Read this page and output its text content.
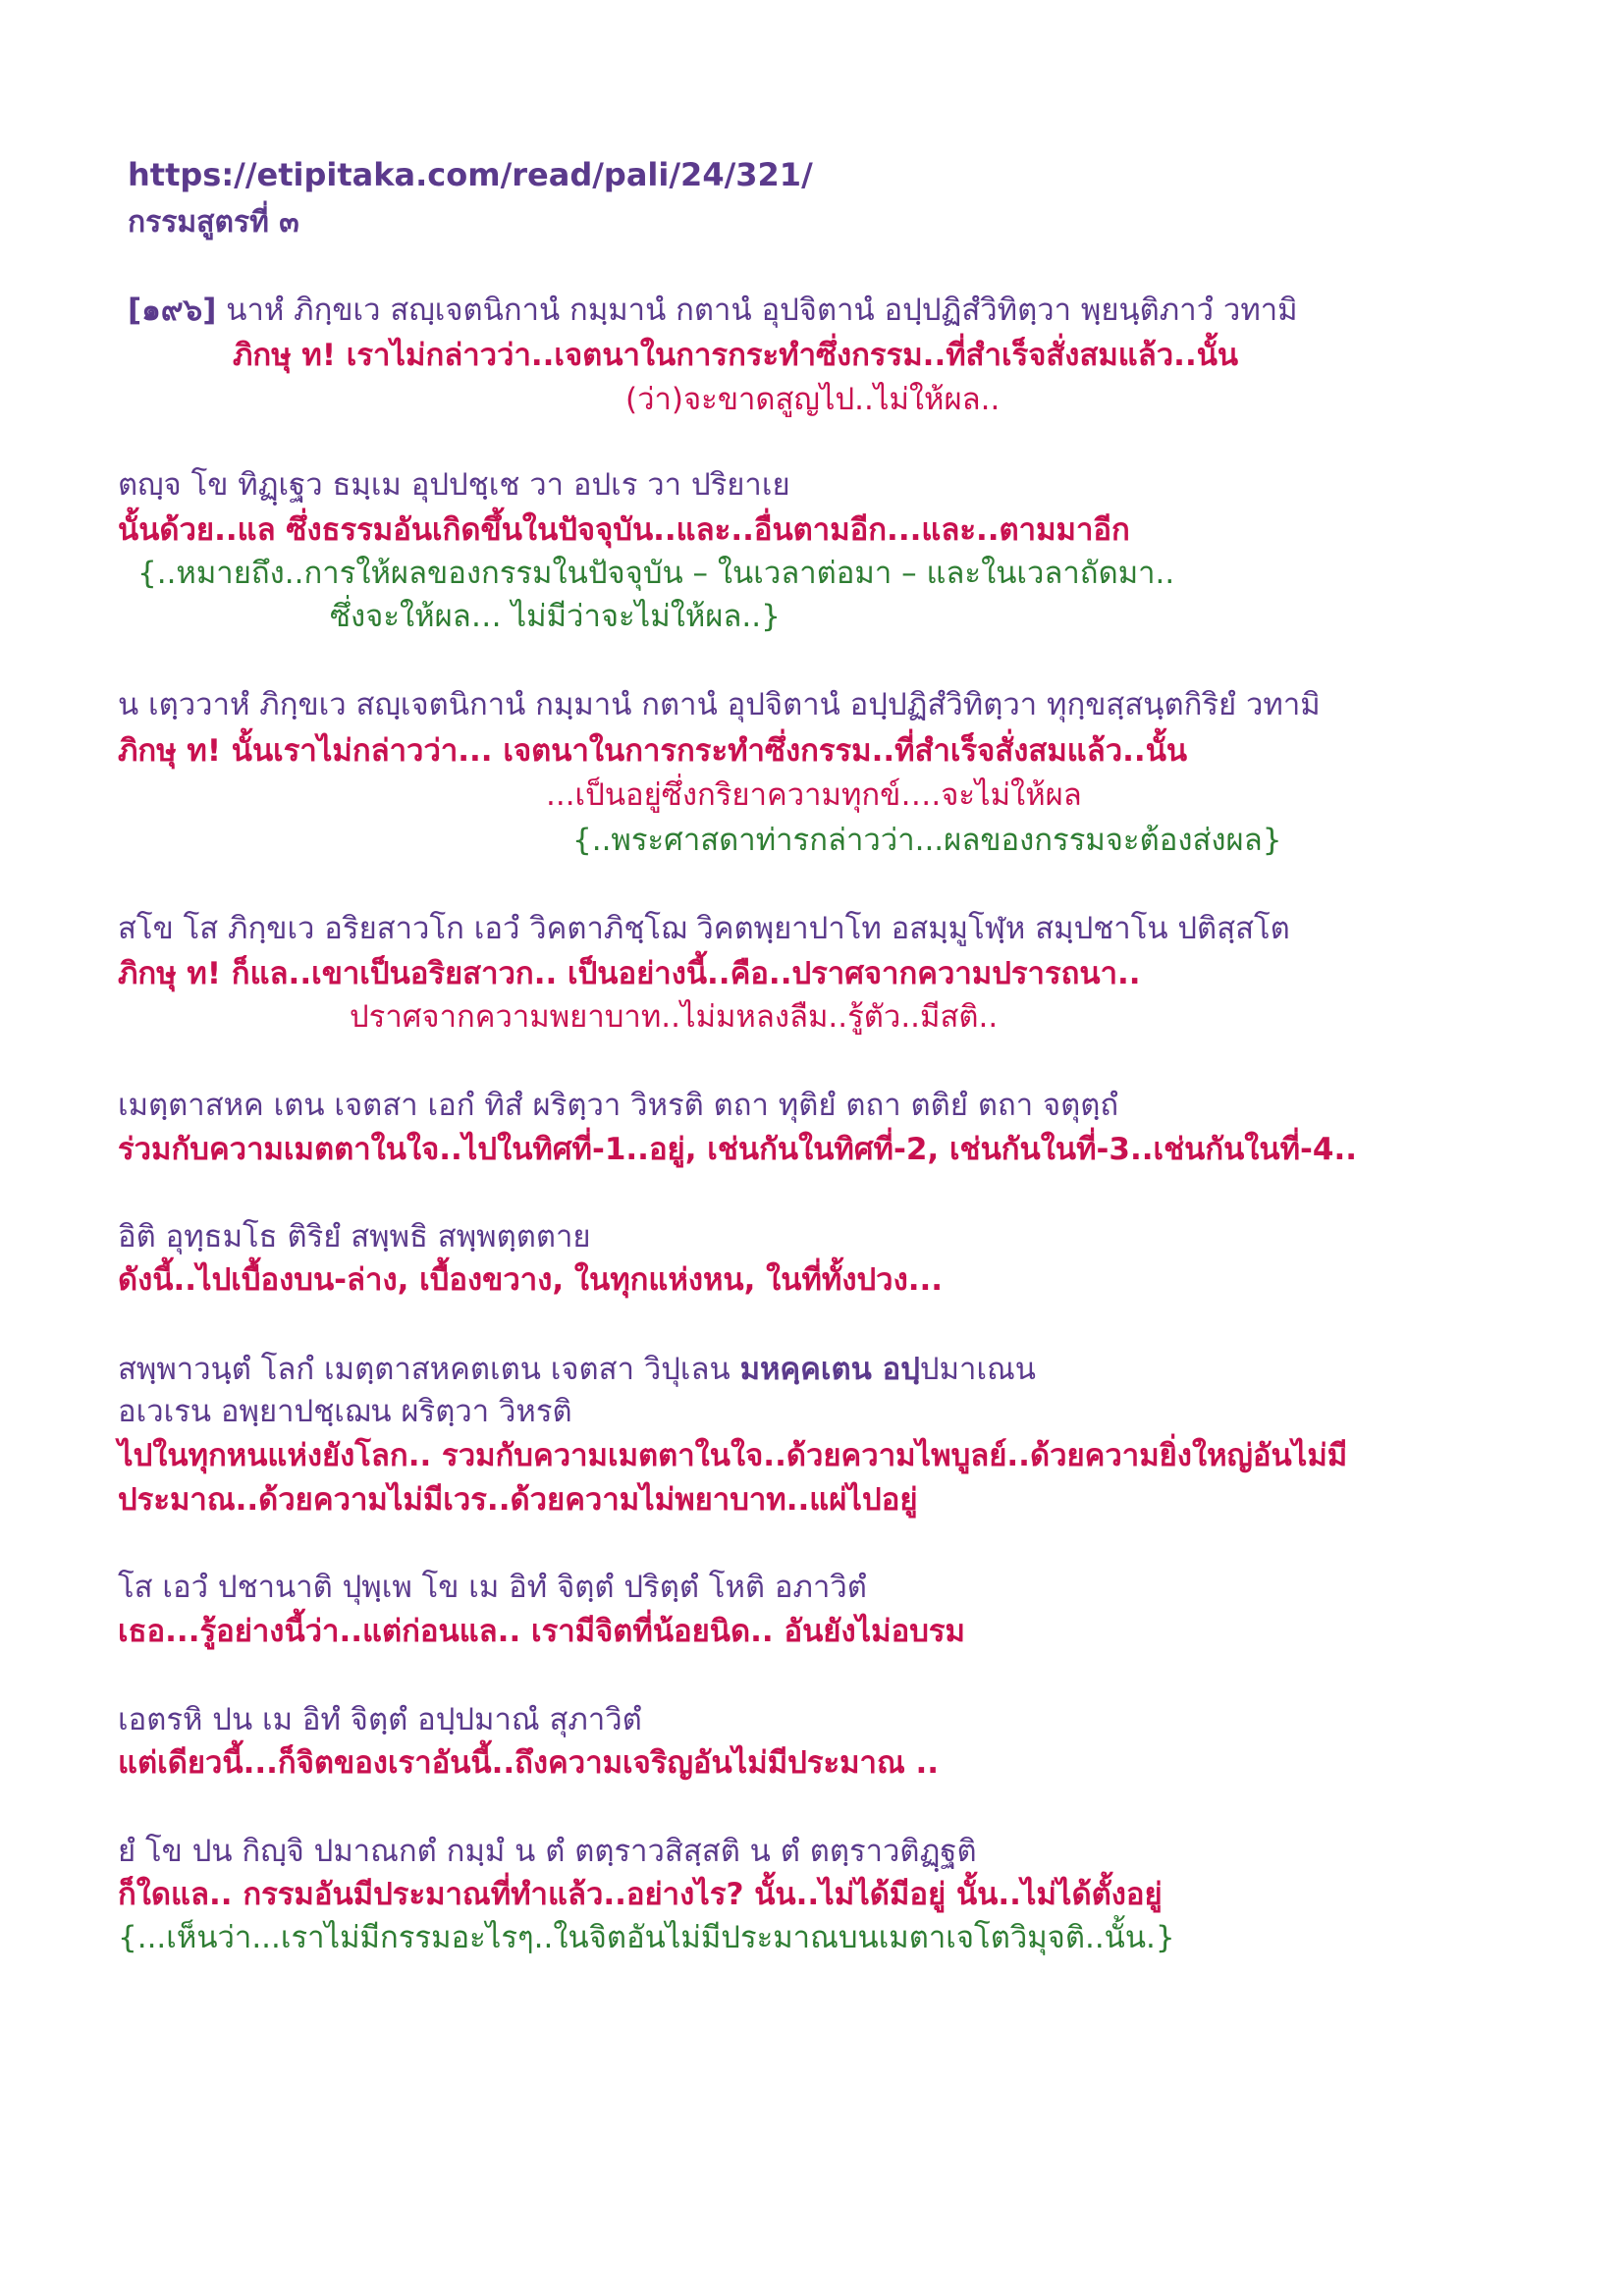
https://etipitaka.com/read/pali/24/321/
กรรมสูตรที่ ๓
[๑๙๖] นาหํ ภิกฺขเว สญฺเจตนิกานํ กมฺมานํ กตานํ อุปจิตานํ อปฺปฏิสํวิทิตฺวา พฺยนฺติภาวํ วทามิ
ภิกษุ ท! เราไม่กล่าวว่า..เจตนาในการกระทำซึ่งกรรม..ที่สำเร็จสั่งสมแล้ว..นั้น
(ว่า)จะขาดสูญไป..ไม่ให้ผล..
ตญฺจ โข ทิฏฺเฐว ธมฺเม อุปปชฺเช วา อปเร วา ปริยาเย
นั้นด้วย..แล ซึ่งธรรมอันเกิดขึ้นในปัจจุบัน..และ..อื่นตามอีก...และ..ตามมาอีก
{..หมายถึง..การให้ผลของกรรมในปัจจุบัน – ในเวลาต่อมา – และในเวลาถัดมา..
ซึ่งจะให้ผล… ไม่มีว่าจะไม่ให้ผล..}
น เตฺววาหํ ภิกฺขเว สญฺเจตนิกานํ กมฺมานํ กตานํ อุปจิตานํ อปฺปฏิสํวิทิตฺวา ทุกฺขสฺสนฺตกิริยํ วทามิ
ภิกษุ ท! นั้นเราไม่กล่าวว่า... เจตนาในการกระทำซึ่งกรรม..ที่สำเร็จสั่งสมแล้ว..นั้น
...เป็นอยู่ซึ่งกริยาความทุกข์….จะไม่ให้ผล
{..พระศาสดาท่ารกล่าวว่า...ผลของกรรมจะต้องส่งผล}
สโข โส ภิกฺขเว อริยสาวโก เอวํ วิคตาภิชฺโฌ วิคตพฺยาปาโท อสมฺมูโฬฺห สมฺปชาโน ปติสฺสโต
ภิกษุ ท! ก็แล..เขาเป็นอริยสาวก.. เป็นอย่างนี้..คือ..ปราศจากความปรารถนา..
ปราศจากความพยาบาท..ไม่มหลงลืม..รู้ตัว..มีสติ..
เมตฺตาสหค เตน เจตสา เอกํ ทิสํ ผริตฺวา วิหรติ ตถา ทุติยํ ตถา ตติยํ ตถา จตุตฺถํ
ร่วมกับความเมตตาในใจ..ไปในทิศที่-1..อยู่, เช่นกันในทิศที่-2, เช่นกันในที่-3..เช่นกันในที่-4..
อิติ อุทฺธมโธ ติริยํ สพฺพธิ สพฺพตฺตตาย
ดังนี้..ไปเบื้องบน-ล่าง, เบื้องขวาง, ในทุกแห่งหน, ในที่ทั้งปวง...
สพฺพาวนฺตํ โลกํ เมตฺตาสหคตเตน เจตสา วิปุเลน มหคฺคเตน อปฺปมาเณน
อเวเรน อพฺยาปชฺเฌน ผริตฺวา วิหรติ
ไปในทุกหนแห่งยังโลก.. รวมกับความเมตตาในใจ..ด้วยความไพบูลย์..ด้วยความยิ่งใหญ่อันไม่มี
ประมาณ..ด้วยความไม่มีเวร..ด้วยความไม่พยาบาท..แผ่ไปอยู่
โส เอวํ ปชานาติ ปุพฺเพ โข เม อิทํ จิตฺตํ ปริตฺตํ โหติ อภาวิตํ
เธอ...รู้อย่างนี้ว่า..แต่ก่อนแล.. เรามีจิตที่น้อยนิด.. อันยังไม่อบรม
เอตรหิ ปน เม อิทํ จิตฺตํ อปฺปมาณํ สุภาวิตํ
แต่เดียวนี้...ก็จิตของเราอันนี้..ถึงความเจริญอันไม่มีประมาณ ..
ยํ โข ปน กิญฺจิ ปมาณกตํ กมฺมํ น ตํ ตตฺราวสิสฺสติ น ตํ ตตฺราวติฏฺฐติ
ก็ใดแล.. กรรมอันมีประมาณที่ทำแล้ว..อย่างไร? นั้น..ไม่ได้มีอยู่ นั้น..ไม่ได้ตั้งอยู่
{...เห็นว่า...เราไม่มีกรรมอะไรๆ..ในจิตอันไม่มีประมาณบนเมตาเจโตวิมุจติ..นั้น.}
